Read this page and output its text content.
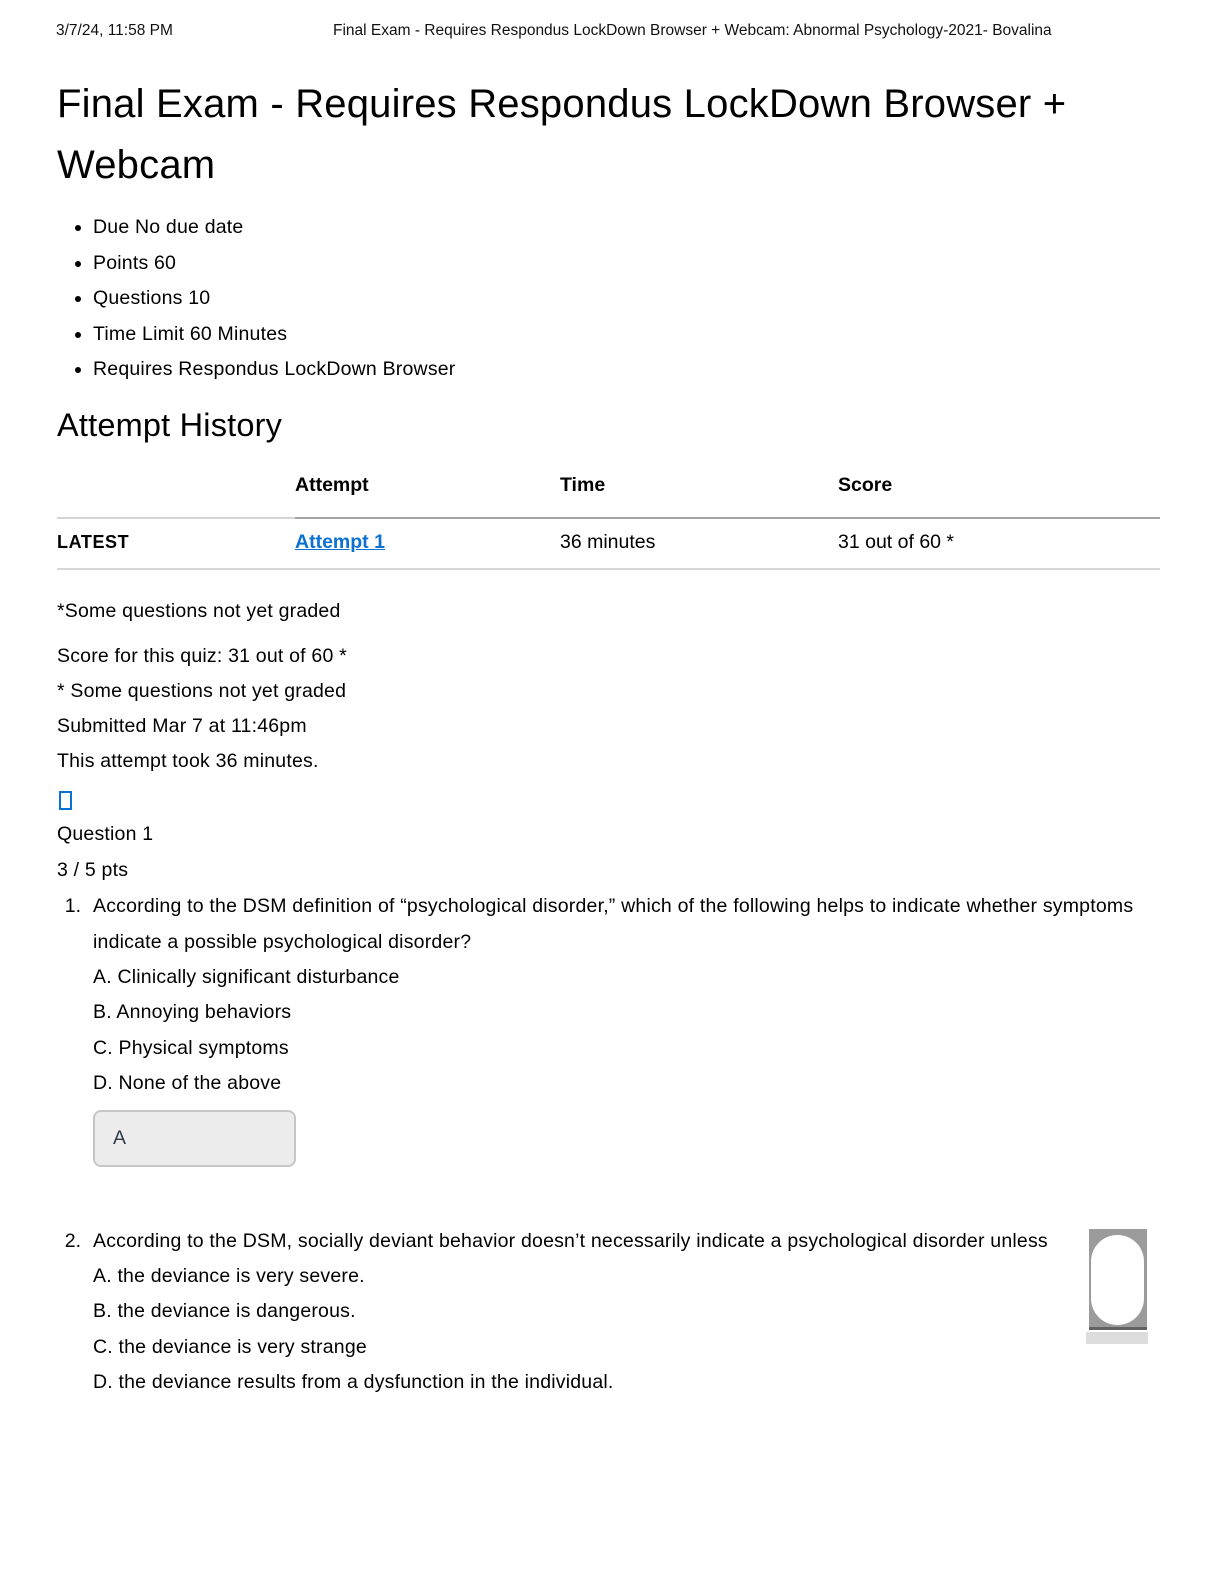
3/7/24, 11:58 PM	Final Exam - Requires Respondus LockDown Browser + Webcam: Abnormal Psychology-2021- Bovalina
Final Exam - Requires Respondus LockDown Browser + Webcam
• Due No due date
• Points 60
• Questions 10
• Time Limit 60 Minutes
• Requires Respondus LockDown Browser
Attempt History
	Attempt	Time	Score
LATEST	Attempt 1	36 minutes	31 out of 60 *

*Some questions not yet graded

Score for this quiz: 31 out of 60 *

* Some questions not yet graded

Submitted Mar 7 at 11:46pm

This attempt took 36 minutes.

Question 1

3 / 5 pts

1. According to the DSM definition of “psychological disorder,” which of the following helps to indicate whether symptoms indicate a possible psychological disorder?

A. Clinically significant disturbance

B. Annoying behaviors

C. Physical symptoms

D. None of the above

A
2. According to the DSM, socially deviant behavior doesn’t necessarily indicate a psychological disorder unless

A. the deviance is very severe.

B. the deviance is dangerous.

C. the deviance is very strange

D. the deviance results from a dysfunction in the individual.
